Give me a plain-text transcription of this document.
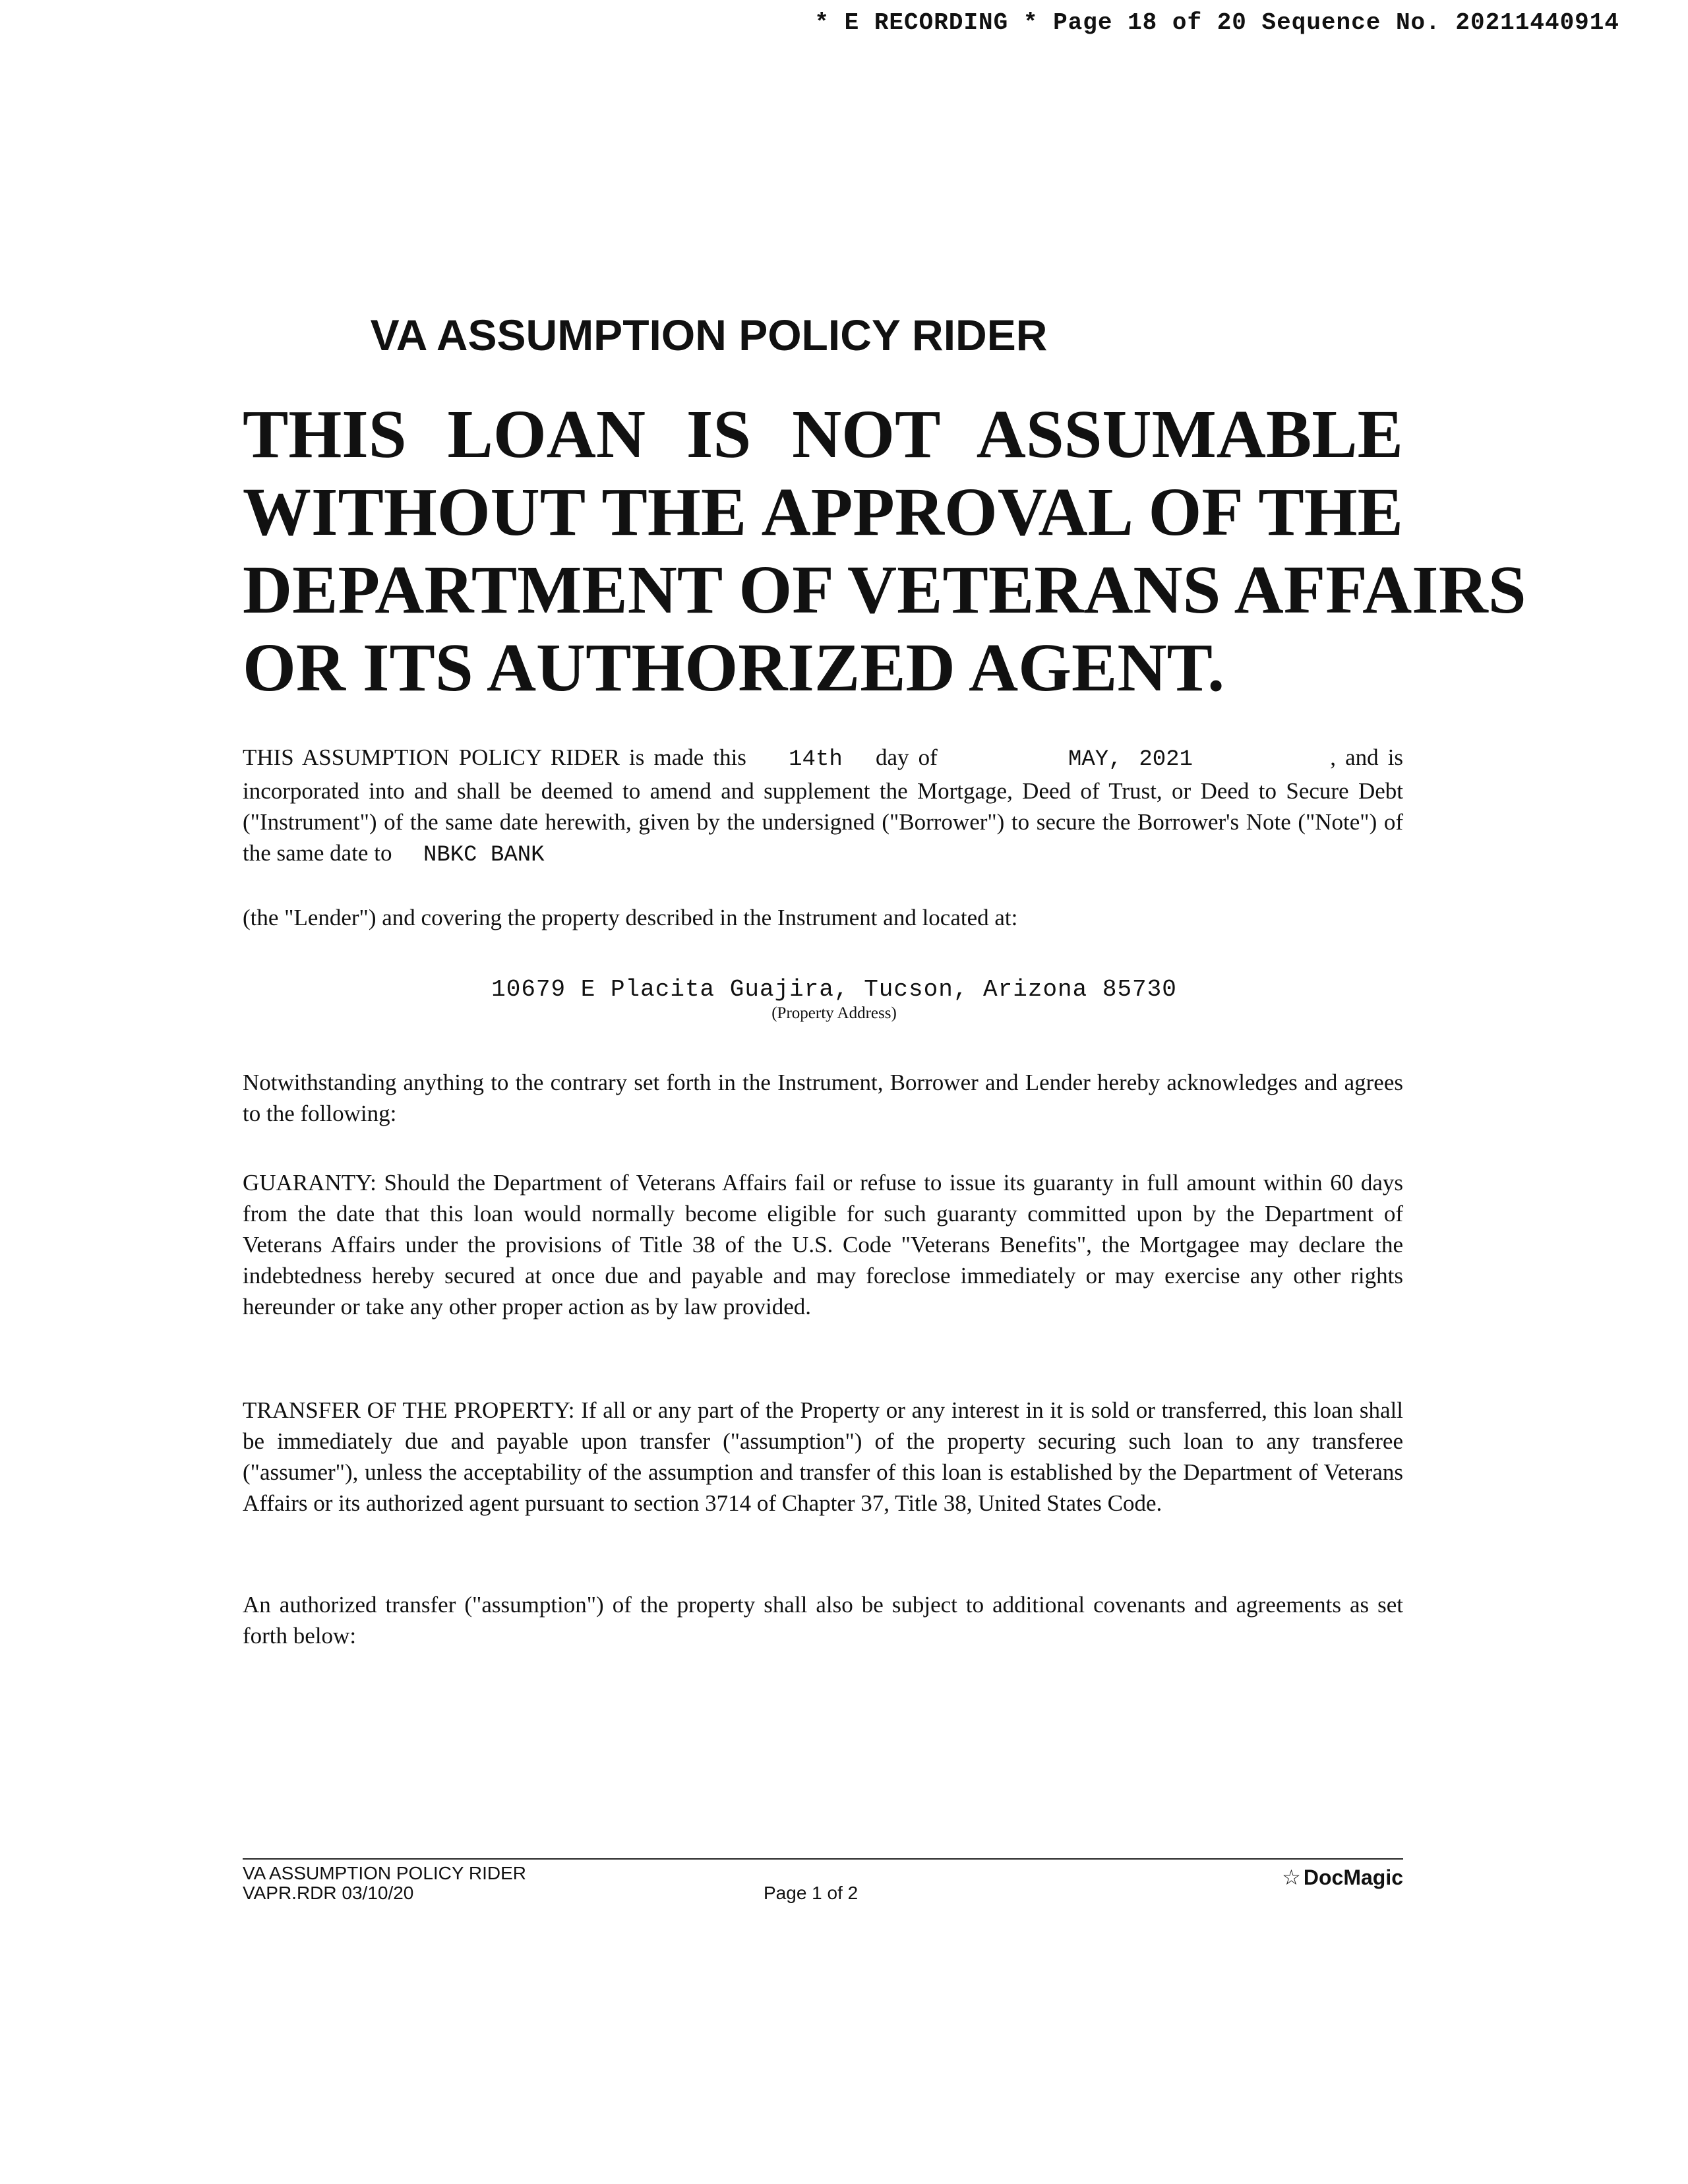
* E RECORDING * Page 18 of 20 Sequence No. 20211440914
VA ASSUMPTION POLICY RIDER
THIS LOAN IS NOT ASSUMABLE
WITHOUT THE APPROVAL OF THE
DEPARTMENT OF VETERANS AFFAIRS
OR ITS AUTHORIZED AGENT.
THIS ASSUMPTION POLICY RIDER is made this 14th day of	MAY, 2021	, and is incorporated into and shall be deemed to amend and supplement the Mortgage, Deed of Trust, or Deed to Secure Debt ("Instrument") of the same date herewith, given by the undersigned ("Borrower") to secure the Borrower's Note ("Note") of the same date to NBKC BANK
(the "Lender") and covering the property described in the Instrument and located at:
10679 E Placita Guajira, Tucson, Arizona 85730
(Property Address)
Notwithstanding anything to the contrary set forth in the Instrument, Borrower and Lender hereby acknowledges and agrees to the following:
GUARANTY: Should the Department of Veterans Affairs fail or refuse to issue its guaranty in full amount within 60 days from the date that this loan would normally become eligible for such guaranty committed upon by the Department of Veterans Affairs under the provisions of Title 38 of the U.S. Code "Veterans Benefits", the Mortgagee may declare the indebtedness hereby secured at once due and payable and may foreclose immediately or may exercise any other rights hereunder or take any other proper action as by law provided.
TRANSFER OF THE PROPERTY: If all or any part of the Property or any interest in it is sold or transferred, this loan shall be immediately due and payable upon transfer ("assumption") of the property securing such loan to any transferee ("assumer"), unless the acceptability of the assumption and transfer of this loan is established by the Department of Veterans Affairs or its authorized agent pursuant to section 3714 of Chapter 37, Title 38, United States Code.
An authorized transfer ("assumption") of the property shall also be subject to additional covenants and agreements as set forth below:
VA ASSUMPTION POLICY RIDER
VAPR.RDR 03/10/20	Page 1 of 2
☆ DocMagic
